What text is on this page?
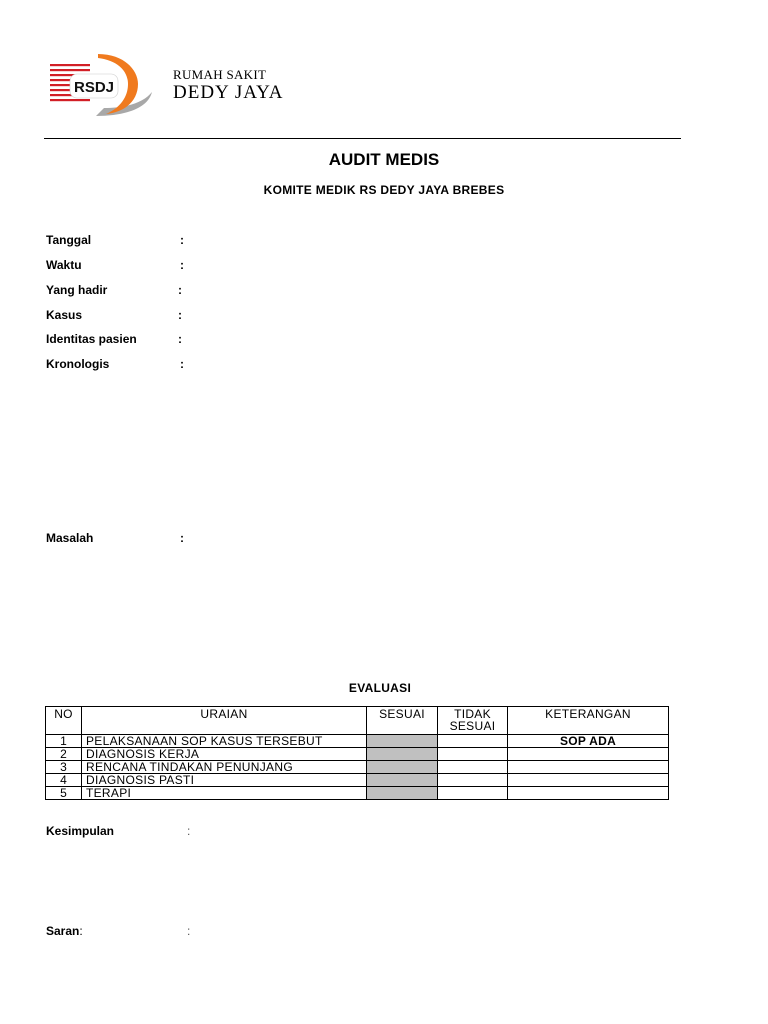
RSDJ
RUMAH SAKIT
DEDY JAYA
AUDIT MEDIS
KOMITE MEDIK RS DEDY JAYA BREBES
Tanggal	:
Waktu	:
Yang hadir	:
Kasus	:
Identitas pasien	:
Kronologis	:
Masalah	:
EVALUASI
NO	URAIAN	SESUAI	TIDAK SESUAI	KETERANGAN
1	PELAKSANAAN SOP KASUS TERSEBUT			SOP ADA
2	DIAGNOSIS KERJA			
3	RENCANA TINDAKAN PENUNJANG			
4	DIAGNOSIS PASTI			
5	TERAPI			
Kesimpulan	:
Saran:	:
